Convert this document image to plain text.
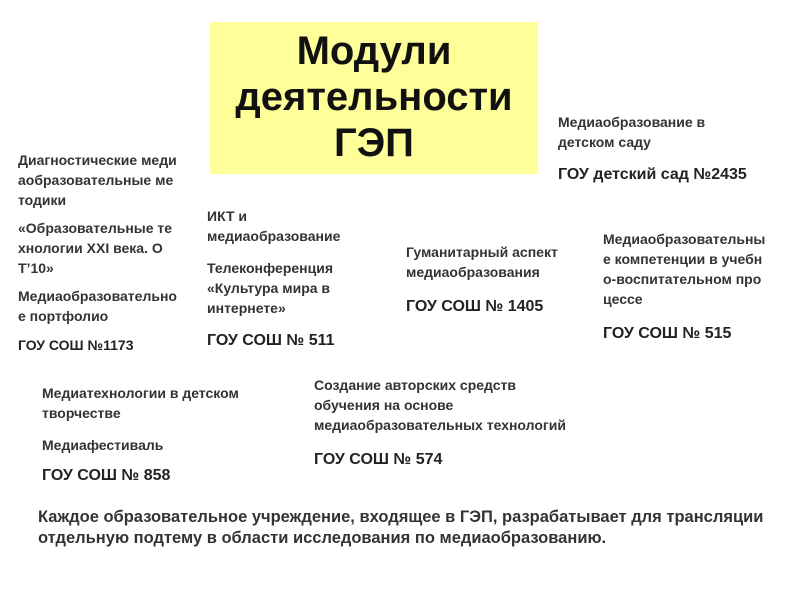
Модули
деятельности
ГЭП

Диагностические медиаобразовательные методики

«Образовательные технологии XXI века. ОТ’10»

Медиаобразовательное портфолио

ГОУ СОШ №1173

ИКТ и медиаобразование

Телеконференция «Культура мира в интернете»

ГОУ СОШ № 511

Гуманитарный аспект медиаобразования

ГОУ СОШ № 1405

Медиаобразование в детском саду

ГОУ детский сад №2435

Медиаобразовательные компетенции в учебно-воспитательном процессе

ГОУ СОШ № 515

Медиатехнологии в детском творчестве

Медиафестиваль

ГОУ СОШ № 858

Создание авторских средств обучения на основе медиаобразовательных технологий

ГОУ СОШ № 574

Каждое образовательное учреждение, входящее в ГЭП, разрабатывает для трансляции отдельную подтему в области исследования по медиаобразованию.
